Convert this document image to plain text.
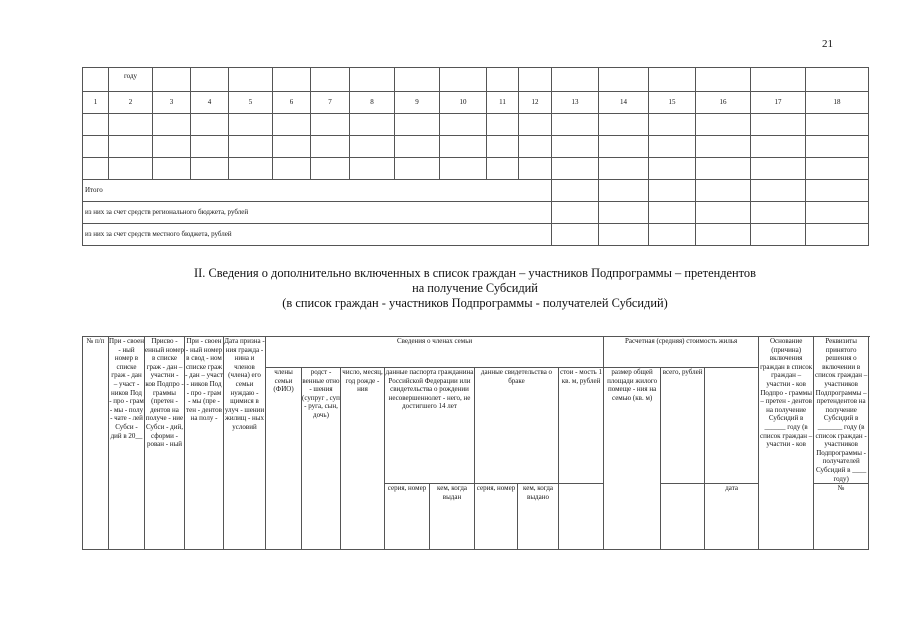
21
	году																
1	2	3	4	5	6	7	8	9	10	11	12	13	14	15	16	17	18

Итого																	
из них за счет средств регионального бюджета, рублей																	
из них за счет средств местного бюджета, рублей																	
II. Сведения о дополнительно включенных в список граждан – участников Подпрограммы – претендентов
на получение Субсидий
(в список граждан - участников Подпрограммы - получателей Субсидий)
№ п/п	При - своен - ный номер в списке граж - дан – участ - ников Под - про - грам - мы - полу - чате - лей Субси - дий в 20__	Присво - енный номер в списке граж - дан – участни - ков Подпро - граммы (претен - дентов на получе - ние Субси - дий, сформи - рован - ный	При - своен - ный номер в свод - ном списке граж - дан – участ - ников Под - про - грам - мы (пре - тен - дентов на полу -	Дата призна - ния гражда - нина и членов (члена) его семьи нуждаю - щимися в улуч - шении жилищ - ных условий	Сведения о членах семьи								Расчетная (средняя) стоимость жилья			Основание (причина) включения граждан в список граждан – участни - ков Подпро - граммы – претен - дентов на получение Субсидий в ______ году (в список граждан – участни - ков	Реквизиты принятого решения о включении в список граждан – участников Подпрограммы – претендентов на получение Субсидий в _______ году (в список граждан - участников Подпрограммы - получателей Субсидий в ____ году)
					члены семьи (ФИО)	родст - венные отно - шения (супруг , суп - руга, сын, дочь)	число, месяц, год рожде - ния	данные паспорта гражданина Российской Федерации или свидетельства о рождении несовершеннолет - него, не достигшего 14 лет		данные свидетельства о браке		стои - мость 1 кв. м, рублей	размер общей площади жилого помеще - ния на семью (кв. м)	всего, рублей			
								серия, номер	кем, когда выдан	серия, номер	кем, когда выдано				дата		№
